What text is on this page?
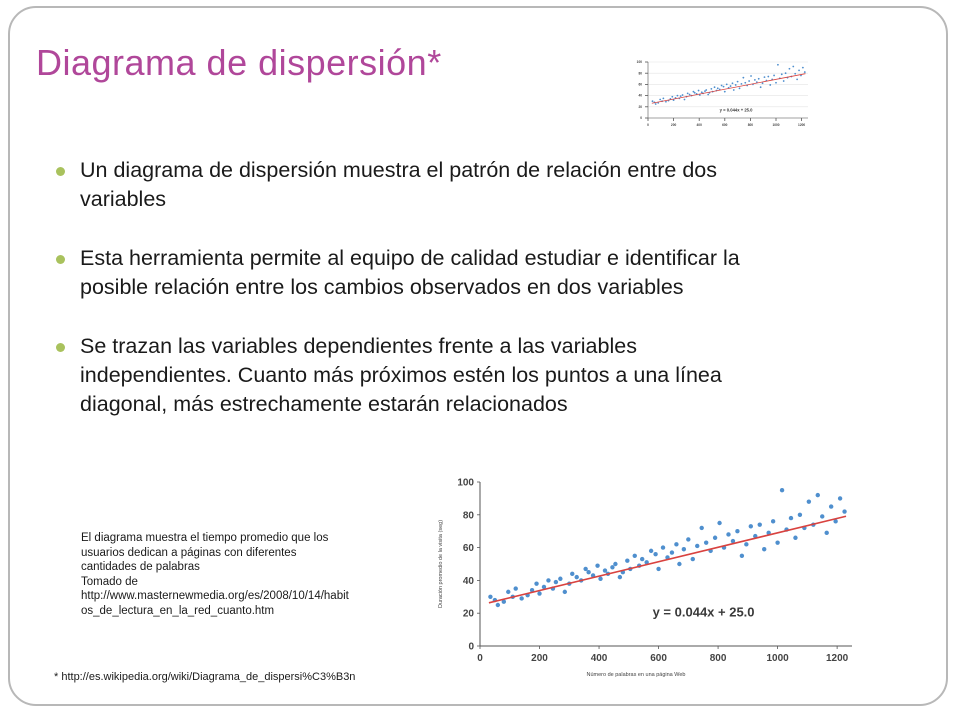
Diagrama de dispersión*
0
20
40
60
80
100
0	200	400	600	800	1000	1200
y = 0.044x + 25.0
Un diagrama de dispersión muestra el patrón de relación entre dos
variables
Esta herramienta permite al equipo de calidad estudiar e identificar la
posible relación entre los cambios observados en dos variables
Se trazan las variables dependientes frente a las variables
independientes. Cuanto más próximos estén los puntos a una línea
diagonal, más estrechamente estarán relacionados
El diagrama muestra el tiempo promedio que los
usuarios dedican a páginas con diferentes
cantidades de palabras
Tomado de
http://www.masternewmedia.org/es/2008/10/14/habit
os_de_lectura_en_la_red_cuanto.htm
* http://es.wikipedia.org/wiki/Diagrama_de_dispersi%C3%B3n
0
20
40
60
80
100
0	200	400	600	800	1000	1200
y = 0.044x + 25.0
Número de palabras en una página Web
Duración promedio de la visita (seg)
